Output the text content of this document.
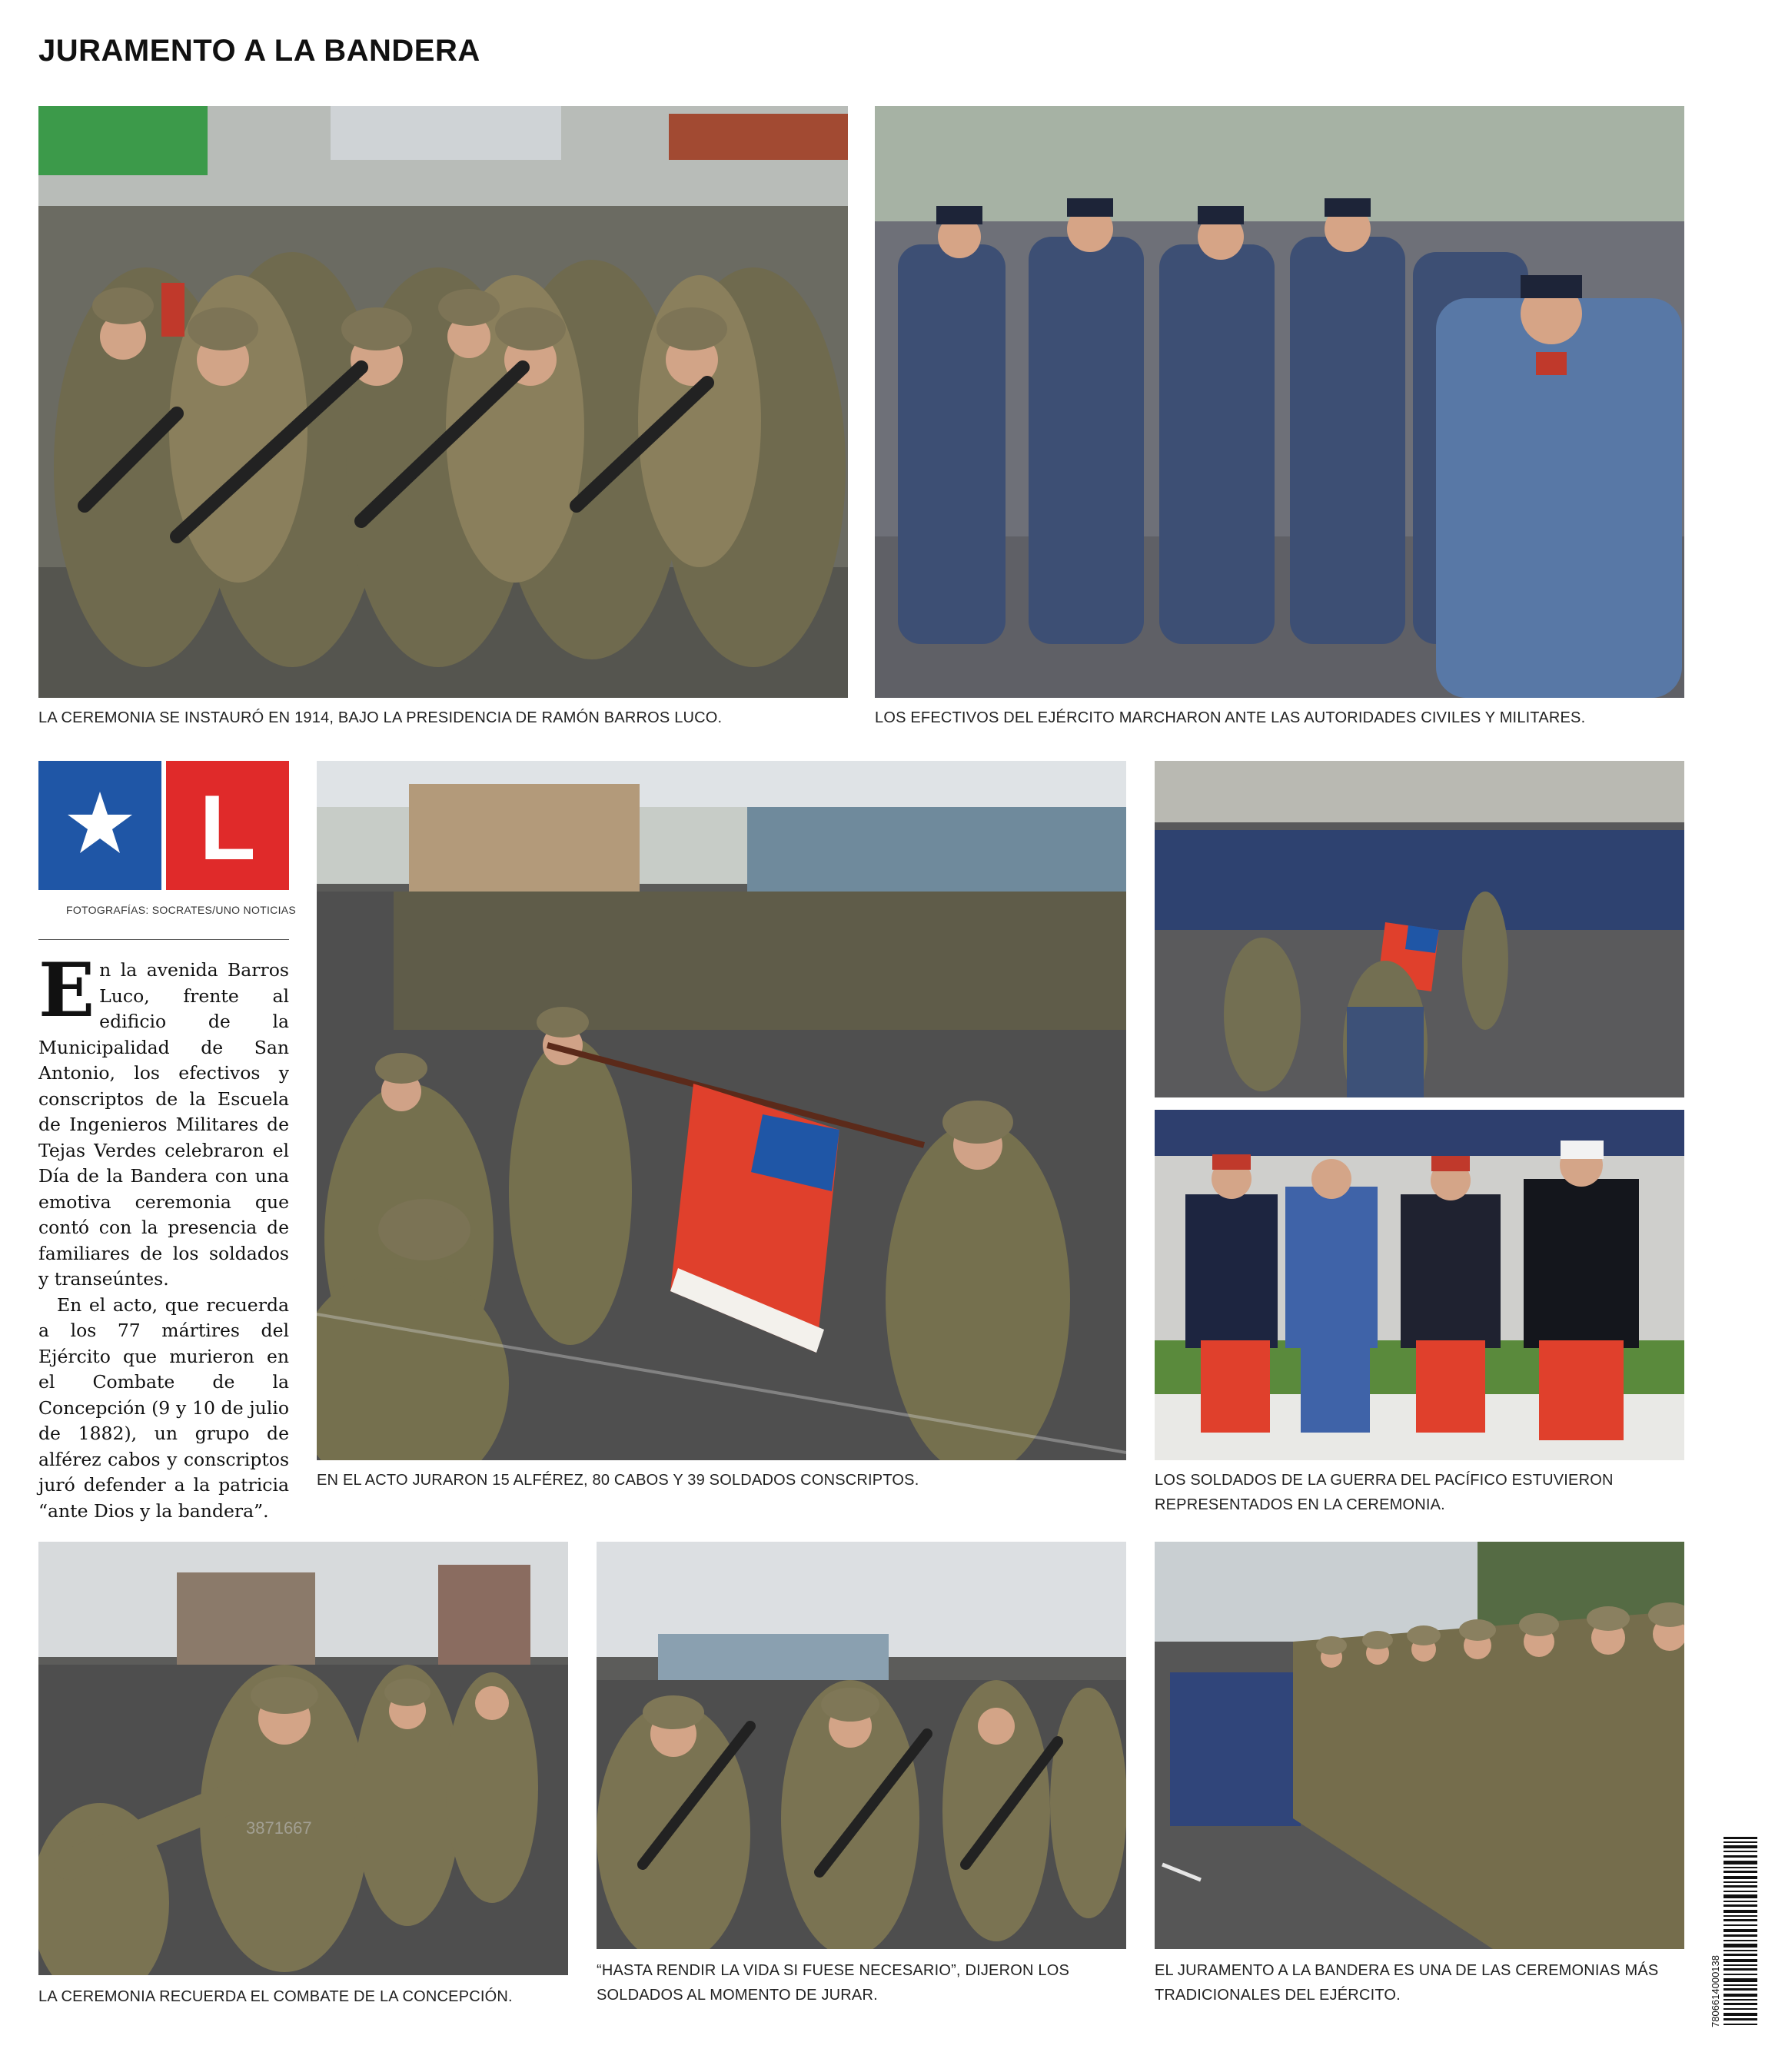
JURAMENTO A LA BANDERA
LA CEREMONIA SE INSTAURÓ EN 1914, BAJO LA PRESIDENCIA DE RAMÓN BARROS LUCO.	LOS EFECTIVOS DEL EJÉRCITO MARCHARON ANTE LAS AUTORIDADES CIVILES Y MILITARES.
L
FOTOGRAFÍAS: SOCRATES/UNO NOTICIAS

En la avenida Barros Luco, frente al edificio de la Municipalidad de San Antonio, los efectivos y conscriptos de la Escuela de Ingenieros Militares de Tejas Verdes celebraron el Día de la Bandera con una emotiva ceremonia que contó con la presencia de familiares de los soldados y transeúntes.

En el acto, que recuerda a los 77 mártires del Ejército que murieron en el Combate de la Concepción (9 y 10 de julio de 1882), un grupo de alférez cabos y conscriptos juró defender a la patricia “ante Dios y la bandera”.

EN EL ACTO JURARON 15 ALFÉREZ, 80 CABOS Y 39 SOLDADOS CONSCRIPTOS.	LOS SOLDADOS DE LA GUERRA DEL PACÍFICO ESTUVIERON
REPRESENTADOS EN LA CEREMONIA.
3871667
LA CEREMONIA RECUERDA EL COMBATE DE LA CONCEPCIÓN.
“HASTA RENDIR LA VIDA SI FUESE NECESARIO”, DIJERON LOS
SOLDADOS AL MOMENTO DE JURAR.
EL JURAMENTO A LA BANDERA ES UNA DE LAS CEREMONIAS MÁS
TRADICIONALES DEL EJÉRCITO.	7806614000138
